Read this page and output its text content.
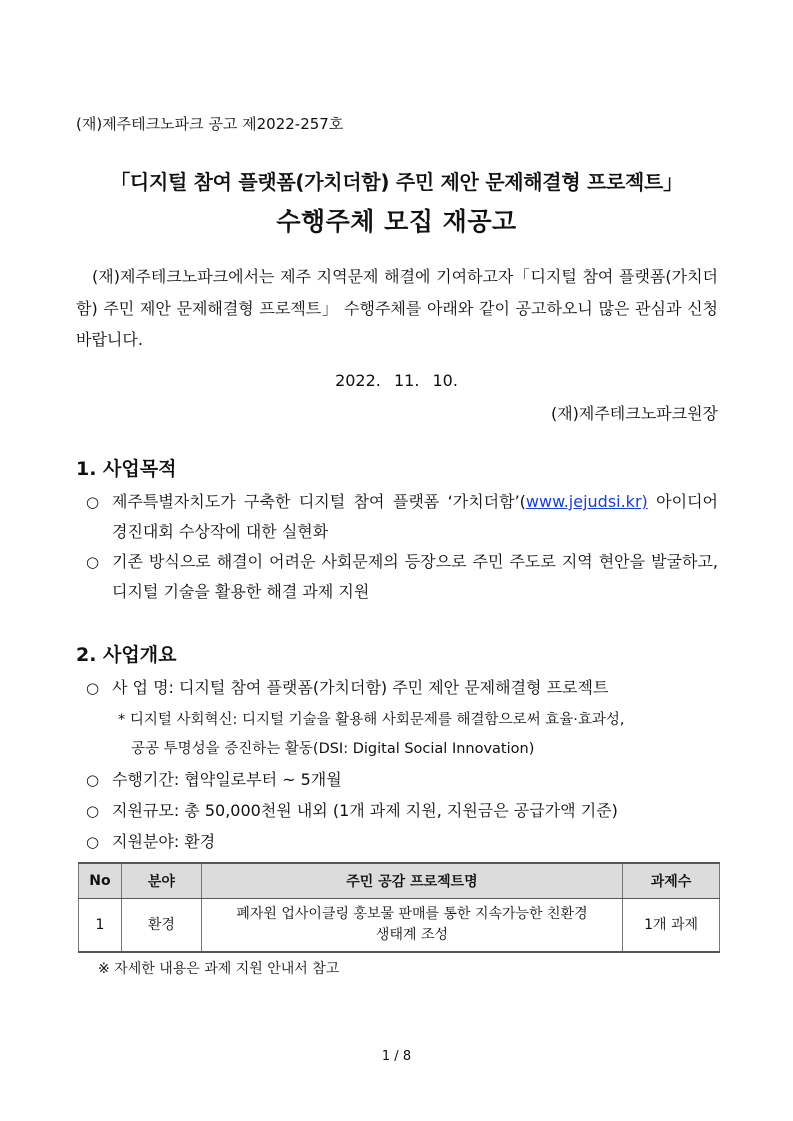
(재)제주테크노파크 공고 제2022-257호
「디지털 참여 플랫폼(가치더함) 주민 제안 문제해결형 프로젝트」
수행주체 모집 재공고
(재)제주테크노파크에서는 제주 지역문제 해결에 기여하고자「디지털 참여 플랫폼(가치더함) 주민 제안 문제해결형 프로젝트」 수행주체를 아래와 같이 공고하오니 많은 관심과 신청 바랍니다.
2022. 11. 10.
(재)제주테크노파크원장
1. 사업목적
○ 제주특별자치도가 구축한 디지털 참여 플랫폼 ‘가치더함’(www.jejudsi.kr) 아이디어 경진대회 수상작에 대한 실현화
○ 기존 방식으로 해결이 어려운 사회문제의 등장으로 주민 주도로 지역 현안을 발굴하고, 디지털 기술을 활용한 해결 과제 지원
2. 사업개요
○ 사 업 명: 디지털 참여 플랫폼(가치더함) 주민 제안 문제해결형 프로젝트
* 디지털 사회혁신: 디지털 기술을 활용해 사회문제를 해결함으로써 효율·효과성,
공공 투명성을 증진하는 활동(DSI: Digital Social Innovation)
○ 수행기간: 협약일로부터 ~ 5개월
○ 지원규모: 총 50,000천원 내외 (1개 과제 지원, 지원금은 공급가액 기준)
○ 지원분야: 환경
No	분야	주민 공감 프로젝트명	과제수
1	환경	폐자원 업사이클링 홍보물 판매를 통한 지속가능한 친환경
생태계 조성	1개 과제
※ 자세한 내용은 과제 지원 안내서 참고
1 / 8
